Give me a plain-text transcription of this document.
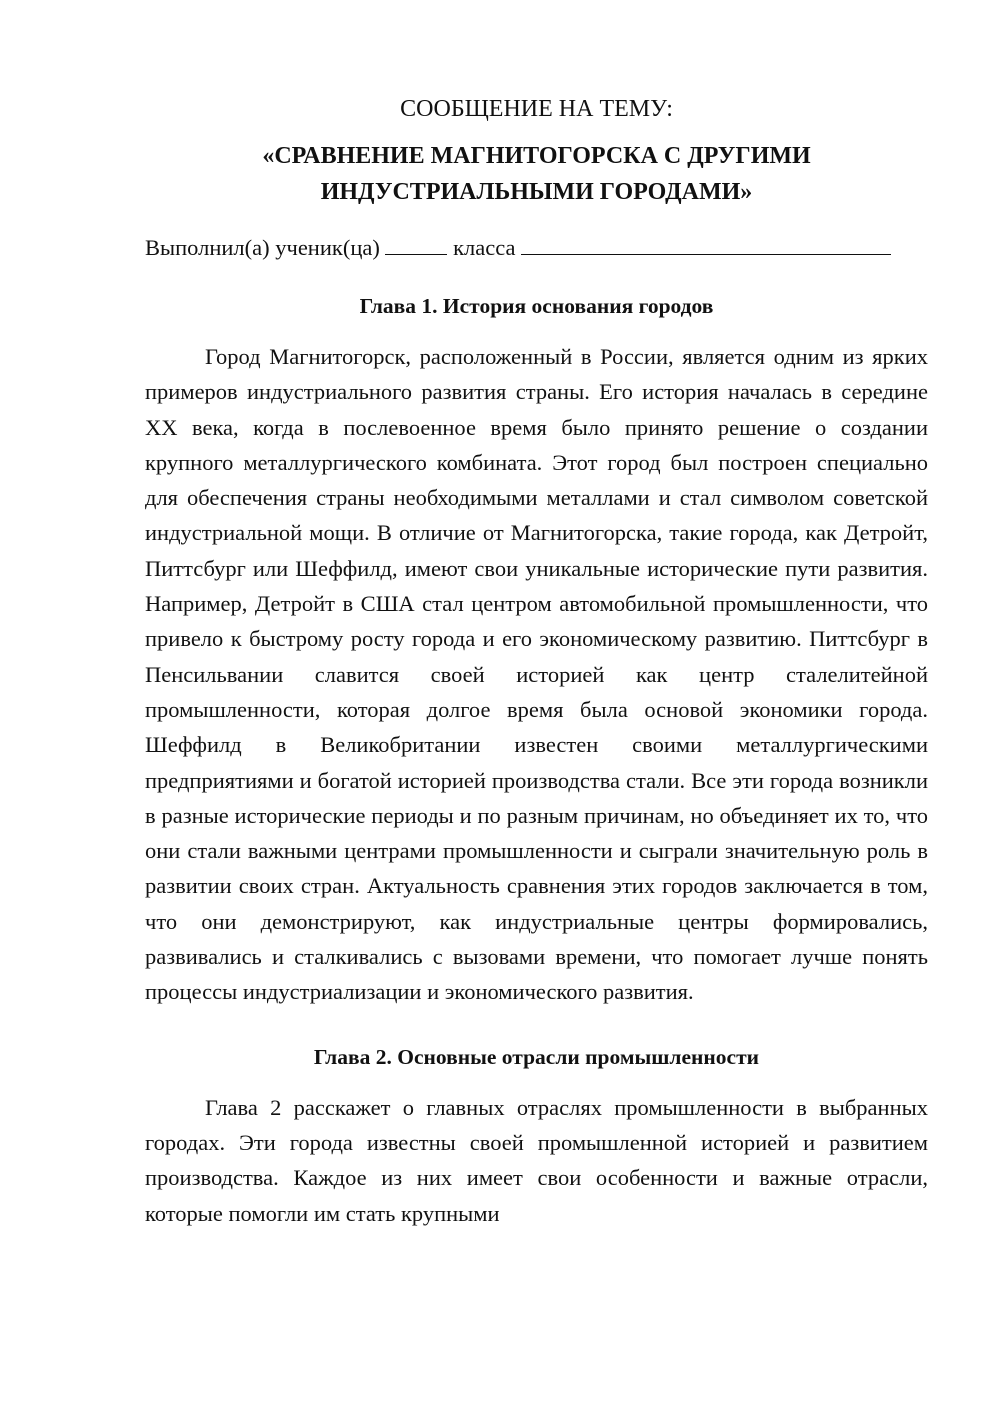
СООБЩЕНИЕ НА ТЕМУ:

«СРАВНЕНИЕ МАГНИТОГОРСКА С ДРУГИМИ
ИНДУСТРИАЛЬНЫМИ ГОРОДАМИ»

Выполнил(а) ученик(ца)	класса

Глава 1. История основания городов

Город Магнитогорск, расположенный в России, является одним из ярких примеров индустриального развития страны. Его история началась в середине XX века, когда в послевоенное время было принято решение о создании крупного металлургического комбината. Этот город был построен специально для обеспечения страны необходимыми металлами и стал символом советской индустриальной мощи. В отличие от Магнитогорска, такие города, как Детройт, Питтсбург или Шеффилд, имеют свои уникальные исторические пути развития. Например, Детройт в США стал центром автомобильной промышленности, что привело к быстрому росту города и его экономическому развитию. Питтсбург в Пенсильвании славится своей историей как центр сталелитейной промышленности, которая долгое время была основой экономики города. Шеффилд в Великобритании известен своими металлургическими предприятиями и богатой историей производства стали. Все эти города возникли в разные исторические периоды и по разным причинам, но объединяет их то, что они стали важными центрами промышленности и сыграли значительную роль в развитии своих стран. Актуальность сравнения этих городов заключается в том, что они демонстрируют, как индустриальные центры формировались, развивались и сталкивались с вызовами времени, что помогает лучше понять процессы индустриализации и экономического развития.

Глава 2. Основные отрасли промышленности

Глава 2 расскажет о главных отраслях промышленности в выбранных городах. Эти города известны своей промышленной историей и развитием производства. Каждое из них имеет свои особенности и важные отрасли, которые помогли им стать крупными
